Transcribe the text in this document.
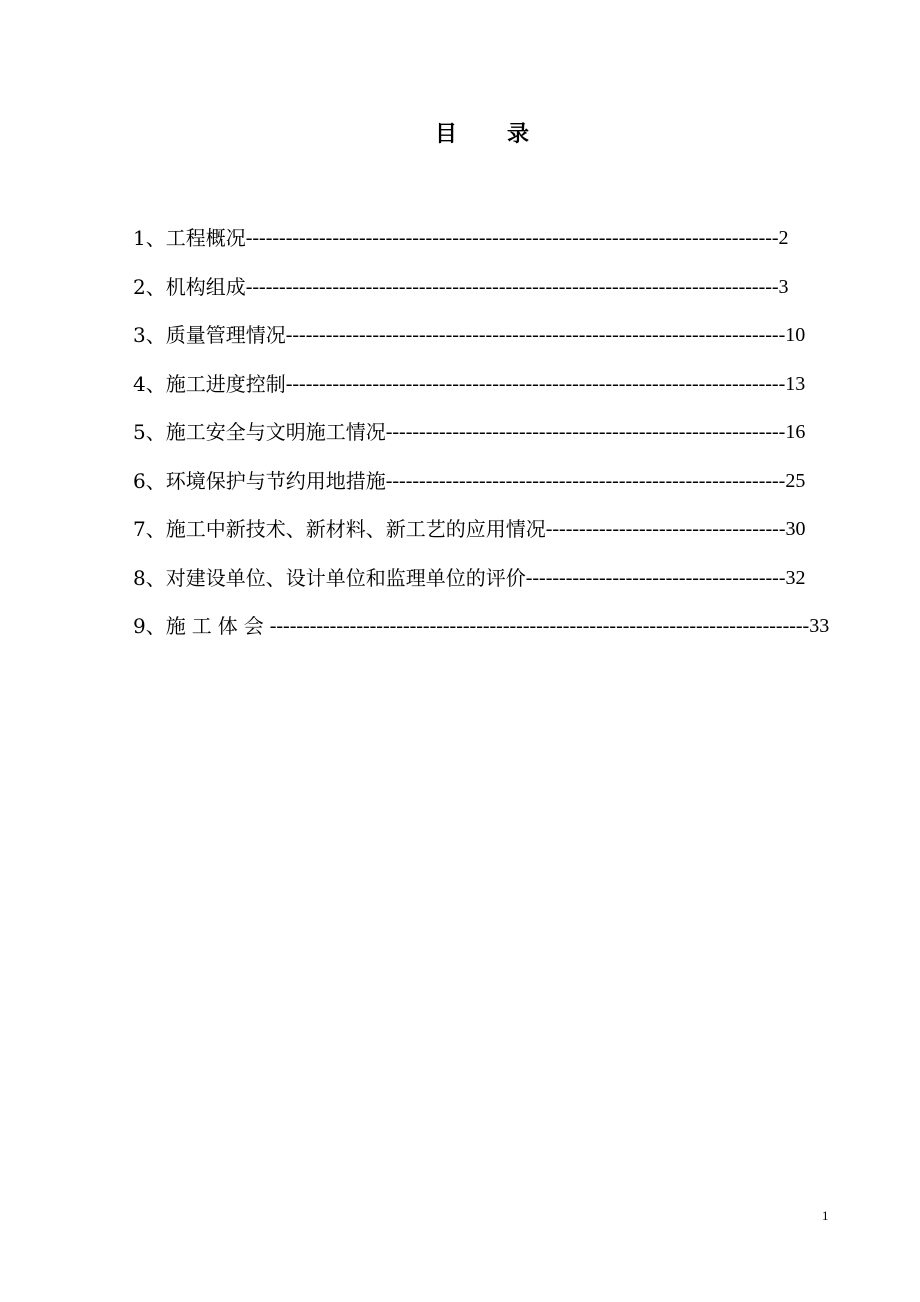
目 录
1、 工程概况 -------------------------------------------------------------------------------- 2
2、 机构组成 -------------------------------------------------------------------------------- 3
3、 质量管理情况 --------------------------------------------------------------------------- 10
4、 施工进度控制 --------------------------------------------------------------------------- 13
5、 施工安全与文明施工情况 ------------------------------------------------------------ 16
6、 环境保护与节约用地措施 ------------------------------------------------------------ 25
7、 施工中新技术、新材料、新工艺的应用情况 ------------------------------------ 30
8、 对建设单位、设计单位和监理单位的评价 --------------------------------------- 32
9、 施工体会 --------------------------------------------------------------------------------- 33
1
